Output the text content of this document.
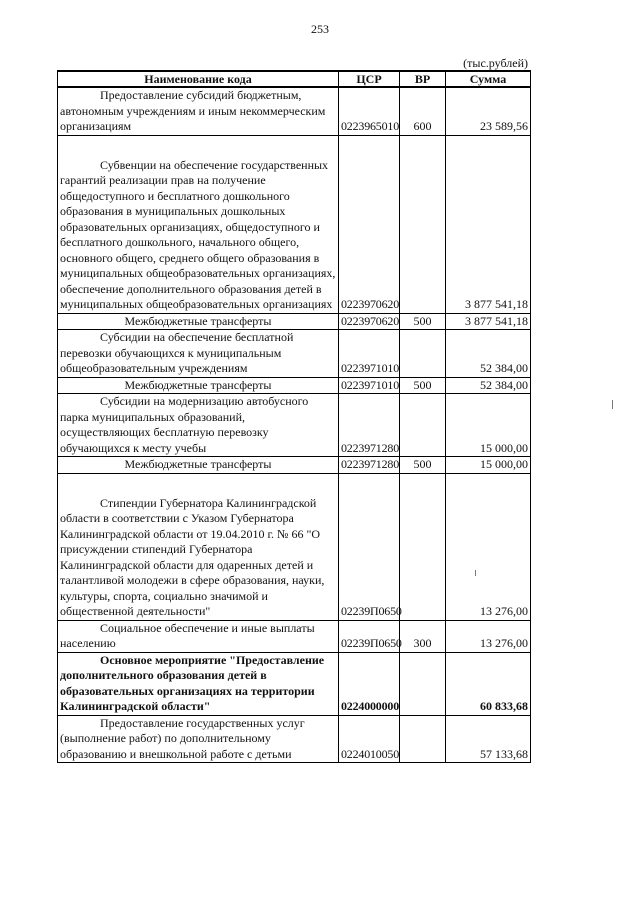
253
(тыс.рублей)
Наименование кода	ЦСР	ВР	Сумма

Предоставление субсидий бюджетным, автономным учреждениям и иным некоммерческим организациям	0223965010	600	23 589,56

Субвенции на обеспечение государственных гарантий реализации прав на получение общедоступного и бесплатного дошкольного образования в муниципальных дошкольных образовательных организациях, общедоступного и бесплатного дошкольного, начального общего, основного общего, среднего общего образования в муниципальных общеобразовательных организациях, обеспечение дополнительного образования детей в муниципальных общеобразовательных организациях	0223970620		3 877 541,18

Межбюджетные трансферты	0223970620	500	3 877 541,18

Субсидии на обеспечение бесплатной перевозки обучающихся к муниципальным общеобразовательным учреждениям	0223971010		52 384,00

Межбюджетные трансферты	0223971010	500	52 384,00

Субсидии на модернизацию автобусного парка муниципальных образований, осуществляющих бесплатную перевозку обучающихся к месту учебы	0223971280		15 000,00

Межбюджетные трансферты	0223971280	500	15 000,00

Стипендии Губернатора Калининградской области в соответствии с Указом Губернатора Калининградской области от 19.04.2010 г. № 66 "О присуждении стипендий Губернатора Калининградской области для одаренных детей и талантливой молодежи в сфере образования, науки, культуры, спорта, социально значимой и общественной деятельности"	02239П0650		13 276,00

Социальное обеспечение и иные выплаты населению	02239П0650	300	13 276,00

Основное мероприятие "Предоставление дополнительного образования детей в образовательных организациях на территории Калининградской области"	0224000000		60 833,68

Предоставление государственных услуг (выполнение работ) по дополнительному образованию и внешкольной работе с детьми	0224010050		57 133,68
